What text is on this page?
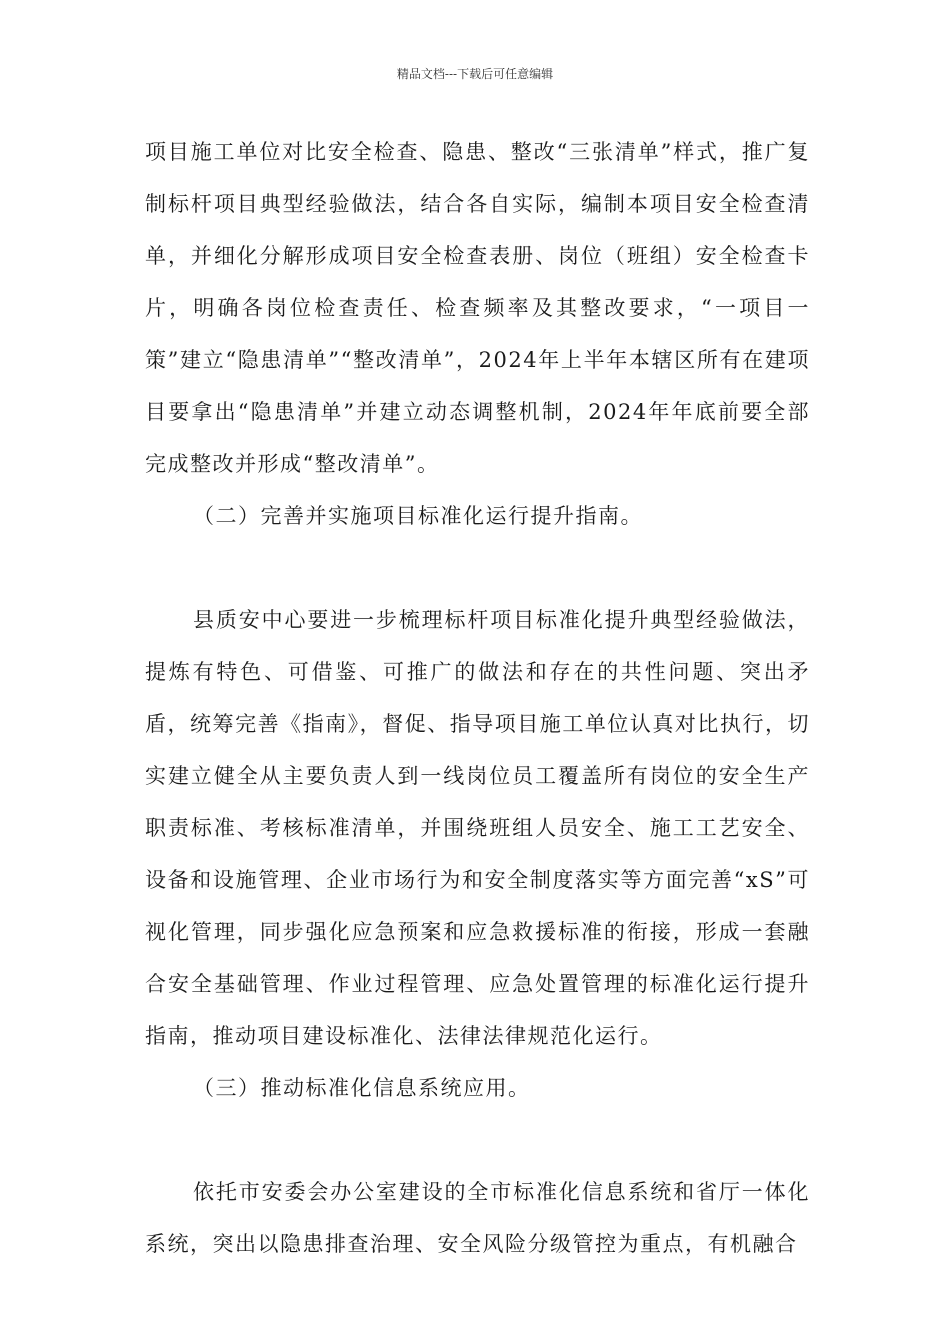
精品文档---下载后可任意编辑

项目施工单位对比安全检查、隐患、整改“三张清单”样式，推广复制标杆项目典型经验做法，结合各自实际，编制本项目安全检查清单，并细化分解形成项目安全检查表册、岗位（班组）安全检查卡片，明确各岗位检查责任、检查频率及其整改要求，“一项目一策”建立“隐患清单”“整改清单”，2024年上半年本辖区所有在建项目要拿出“隐患清单”并建立动态调整机制，2024年年底前要全部完成整改并形成“整改清单”。

（二）完善并实施项目标准化运行提升指南。

县质安中心要进一步梳理标杆项目标准化提升典型经验做法，提炼有特色、可借鉴、可推广的做法和存在的共性问题、突出矛盾，统筹完善《指南》，督促、指导项目施工单位认真对比执行，切实建立健全从主要负责人到一线岗位员工覆盖所有岗位的安全生产职责标准、考核标准清单，并围绕班组人员安全、施工工艺安全、设备和设施管理、企业市场行为和安全制度落实等方面完善“xS”可视化管理，同步强化应急预案和应急救援标准的衔接，形成一套融合安全基础管理、作业过程管理、应急处置管理的标准化运行提升指南，推动项目建设标准化、法律法律规范化运行。

（三）推动标准化信息系统应用。

依托市安委会办公室建设的全市标准化信息系统和省厅一体化系统，突出以隐患排查治理、安全风险分级管控为重点，有机融合
